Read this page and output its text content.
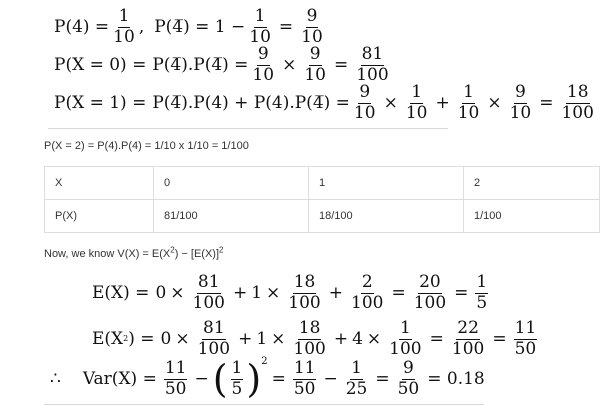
$P(4) = \frac{1}{10}$ , P(4̅) = $1 - \frac{1}{10} = \frac{9}{10}$
P(X = 0) = P(4̅).P(4̅) = $\frac{9}{10} \times \frac{9}{10} = \frac{81}{100}$
P(X = 1) = P(4̅).P(4) + P(4).P(4̅) = $\frac{9}{10} \times \frac{1}{10} + \frac{1}{10} \times \frac{9}{10} = \frac{18}{100}$
P(X = 2) = P(4).P(4) = 1/10 x 1/10 = 1/100
X	0	1	2
P(X)	81/100	18/100	1/100
Now, we know $V(X) = E(X^2) - [E(X)]^2$
$E(X) = 0 \times \frac{81}{100} + 1 \times \frac{18}{100} + \frac{2}{100} = \frac{20}{100} = \frac{1}{5}$
E(X 2 ) = $0 \times \frac{81}{100} + 1 \times \frac{18}{100} + 4 \times \frac{1}{100} = \frac{22}{100} = \frac{11}{50}$
∴ $Var(X) = \frac{11}{50}$ − ( $\frac{1}{5}$ ) 2
= $\frac{11}{50} - \frac{1}{25} = \frac{9}{50} = 0.18$
